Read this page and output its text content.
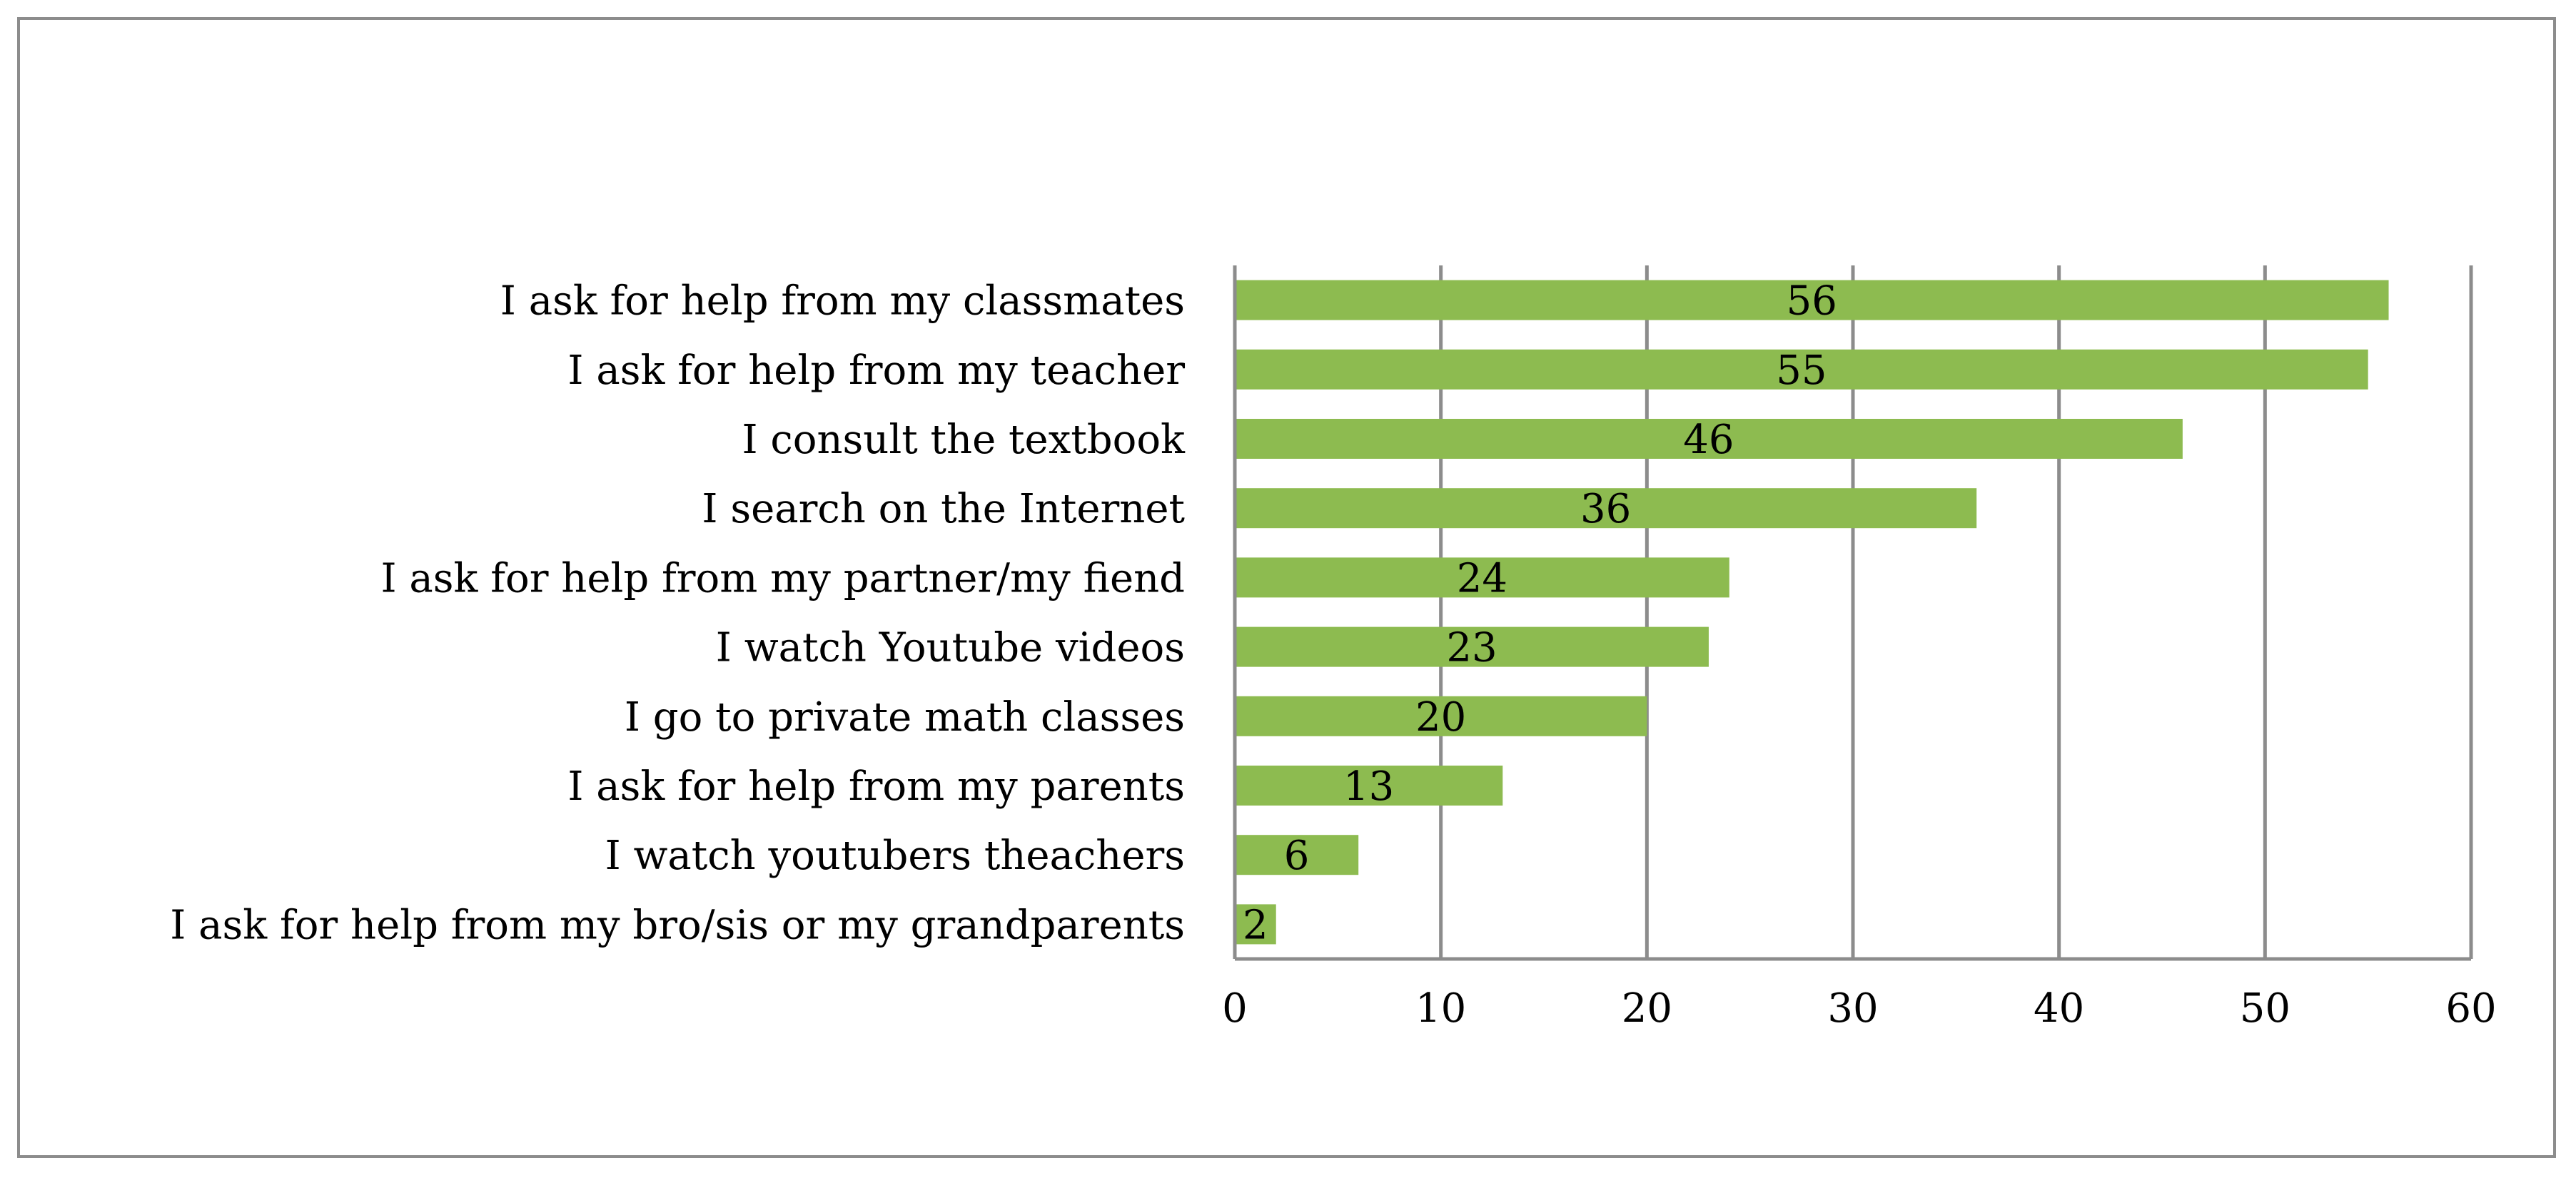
0	10	20	30	40	50	60
I ask for help from my classmates	56
I ask for help from my teacher	55
I consult the textbook	46
I search on the Internet	36
I ask for help from my partner/my fiend	24
I watch Youtube videos	23
I go to private math classes	20
I ask for help from my parents	13
I watch youtubers theachers 6
I ask for help from my bro/sis or my grandparents 2
